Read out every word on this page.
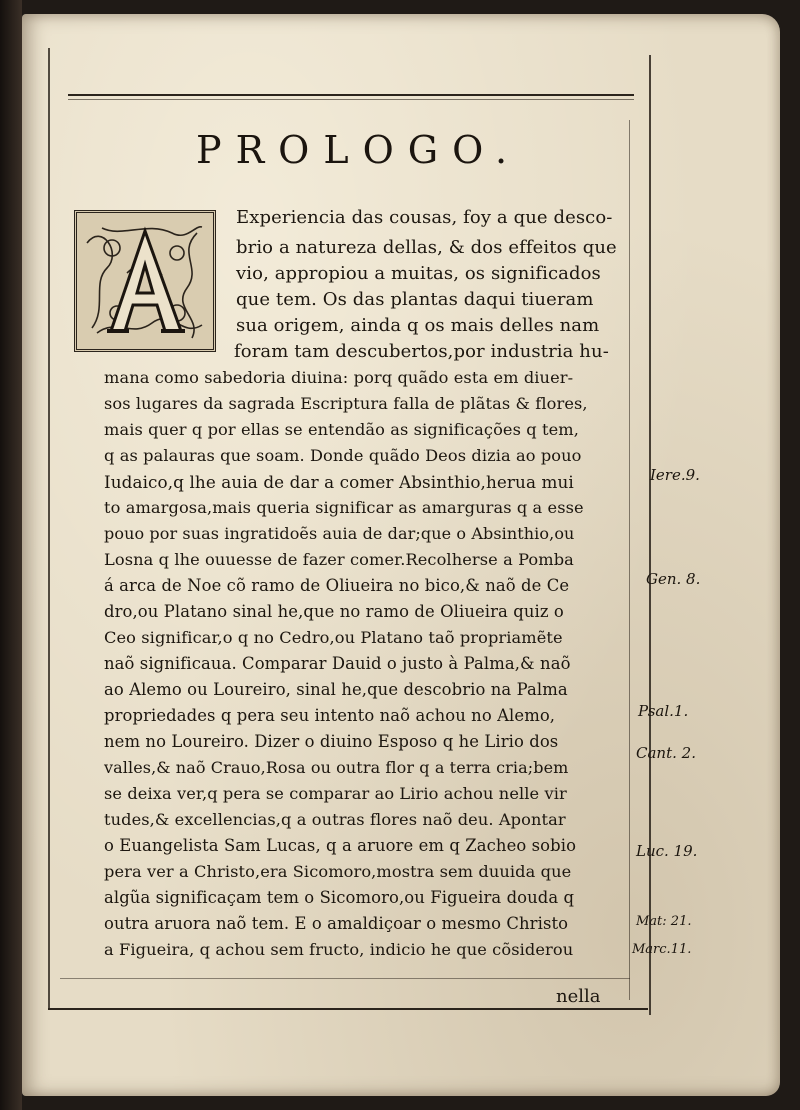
PROLOGO.
Experiencia das cousas, foy a que desco-
brio a natureza dellas, & dos effeitos que
vio, appropiou a muitas, os significados
que tem. Os das plantas daqui tiueram
sua origem, ainda q os mais delles nam
foram tam descubertos,por industria hu-
mana como sabedoria diuina: porq quãdo esta em diuer-
sos lugares da sagrada Escriptura falla de plãtas & flores,
mais quer q por ellas se entendão as significações q tem,
q as palauras que soam. Donde quãdo Deos dizia ao pouo
Iudaico,q lhe auia de dar a comer Absinthio,herua mui
to amargosa,mais queria significar as amarguras q a esse
pouo por suas ingratidoẽs auia de dar;que o Absinthio,ou
Losna q lhe ouuesse de fazer comer.Recolherse a Pomba
á arca de Noe cõ ramo de Oliueira no bico,& naõ de Ce
dro,ou Platano sinal he,que no ramo de Oliueira quiz o
Ceo significar,o q no Cedro,ou Platano taõ propriamẽte
naõ significaua. Comparar Dauid o justo à Palma,& naõ
ao Alemo ou Loureiro, sinal he,que descobrio na Palma
propriedades q pera seu intento naõ achou no Alemo,
nem no Loureiro. Dizer o diuino Esposo q he Lirio dos
valles,& naõ Crauo,Rosa ou outra flor q a terra cria;bem
se deixa ver,q pera se comparar ao Lirio achou nelle vir
tudes,& excellencias,q a outras flores naõ deu. Apontar
o Euangelista Sam Lucas, q a aruore em q Zacheo sobio
pera ver a Christo,era Sicomoro,mostra sem duuida que
algũa significaçam tem o Sicomoro,ou Figueira douda q
outra aruora naõ tem. E o amaldiçoar o mesmo Christo
a Figueira, q achou sem fructo, indicio he que cõsiderou
nella
Iere.9.
Gen. 8.
Psal.1.
Cant. 2.
Luc. 19.
Mat: 21.
Marc.11.
